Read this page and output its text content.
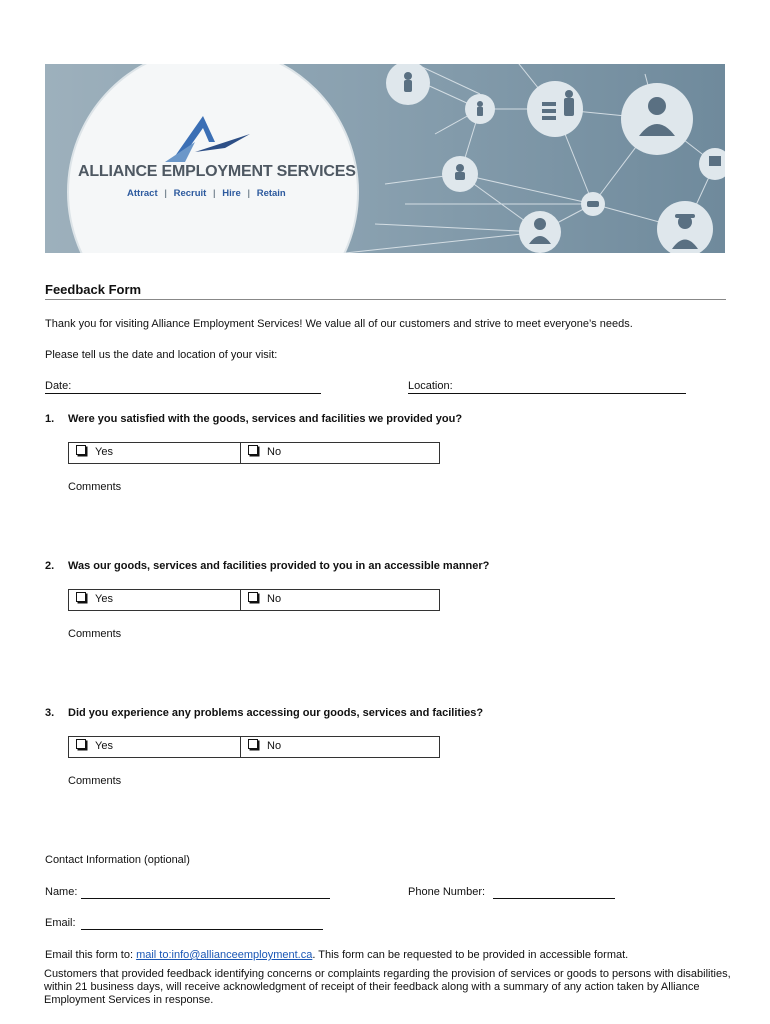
ALLIANCE EMPLOYMENT SERVICES
Attract | Recruit | Hire | Retain
Feedback Form
Thank you for visiting Alliance Employment Services! We value all of our customers and strive to meet everyone’s needs.
Please tell us the date and location of your visit:
Date:	Location:
1. Were you satisfied with the goods, services and facilities we provided you?
Yes	No
Comments
2. Was our goods, services and facilities provided to you in an accessible manner?
Yes	No
Comments
3. Did you experience any problems accessing our goods, services and facilities?
Yes	No
Comments
Contact Information (optional)
Name:	Phone Number:
Email:
Email this form to: mail to:info@allianceemployment.ca. This form can be requested to be provided in accessible format.
Customers that provided feedback identifying concerns or complaints regarding the provision of services or goods to persons with disabilities, within 21 business days, will receive acknowledgment of receipt of their feedback along with a summary of any action taken by Alliance Employment Services in response.
